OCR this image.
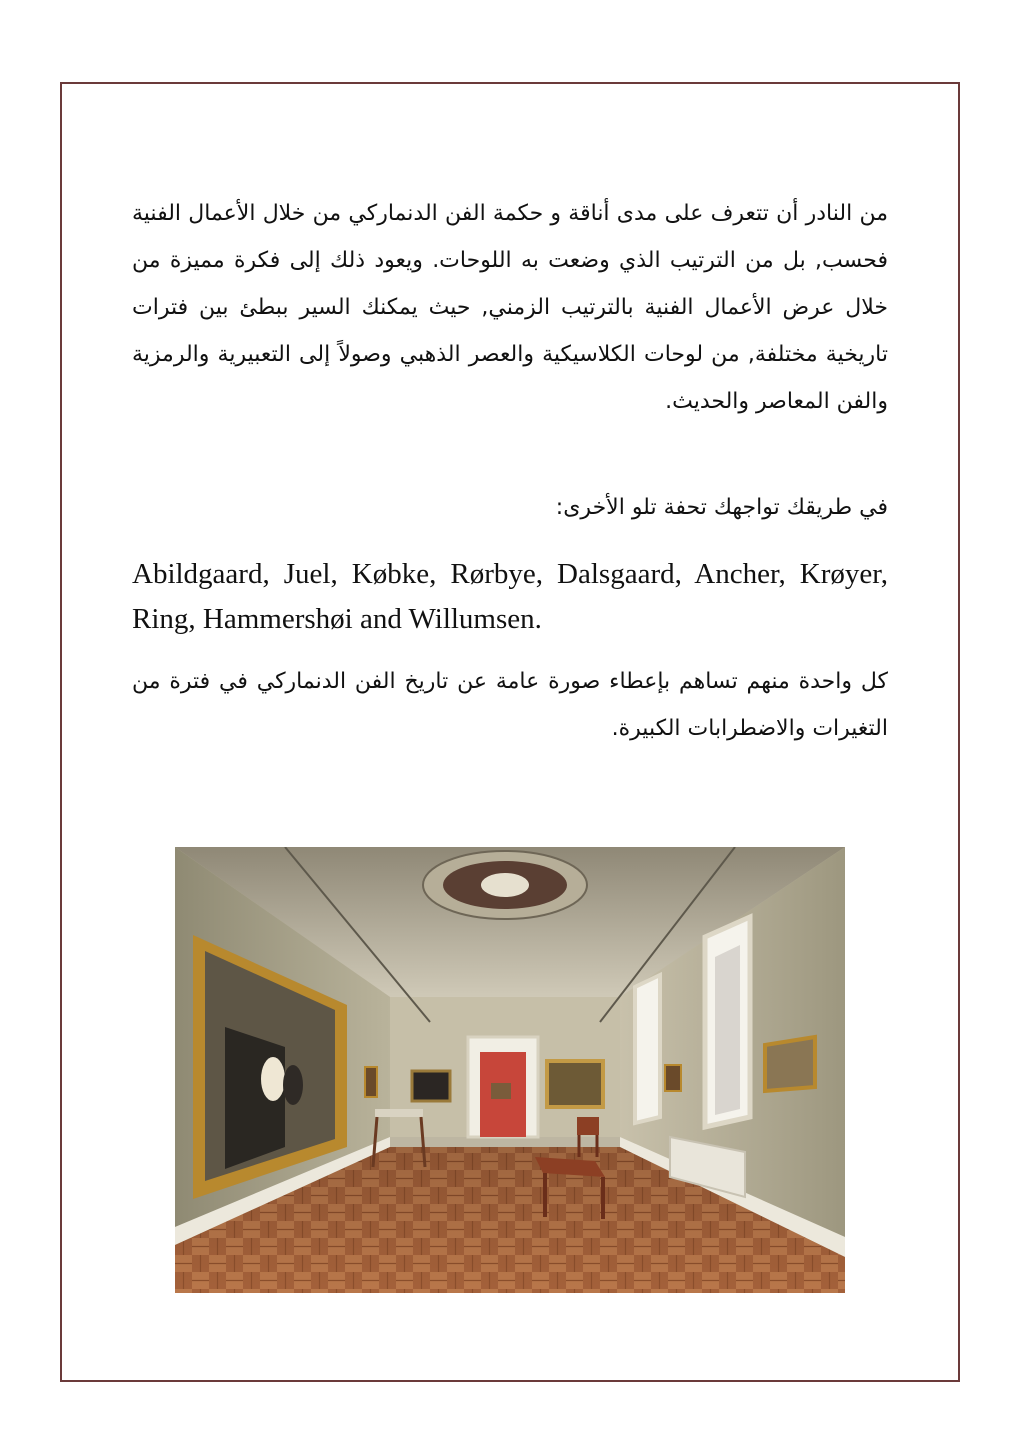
من النادر أن تتعرف على مدى أناقة و حكمة الفن الدنماركي من خلال الأعمال الفنية فحسب, بل من الترتيب الذي وضعت به اللوحات. ويعود ذلك إلى فكرة مميزة من خلال عرض الأعمال الفنية بالترتيب الزمني, حيث يمكنك السير ببطئ بين فترات تاريخية مختلفة, من لوحات الكلاسيكية والعصر الذهبي وصولاً إلى التعبيرية والرمزية والفن المعاصر والحديث.

في طريقك تواجهك تحفة تلو الأخرى:

Abildgaard, Juel, Købke, Rørbye, Dalsgaard, Ancher, Krøyer, Ring, Hammershøi and Willumsen.

كل واحدة منهم تساهم بإعطاء صورة عامة عن تاريخ الفن الدنماركي في فترة من التغيرات والاضطرابات الكبيرة.
